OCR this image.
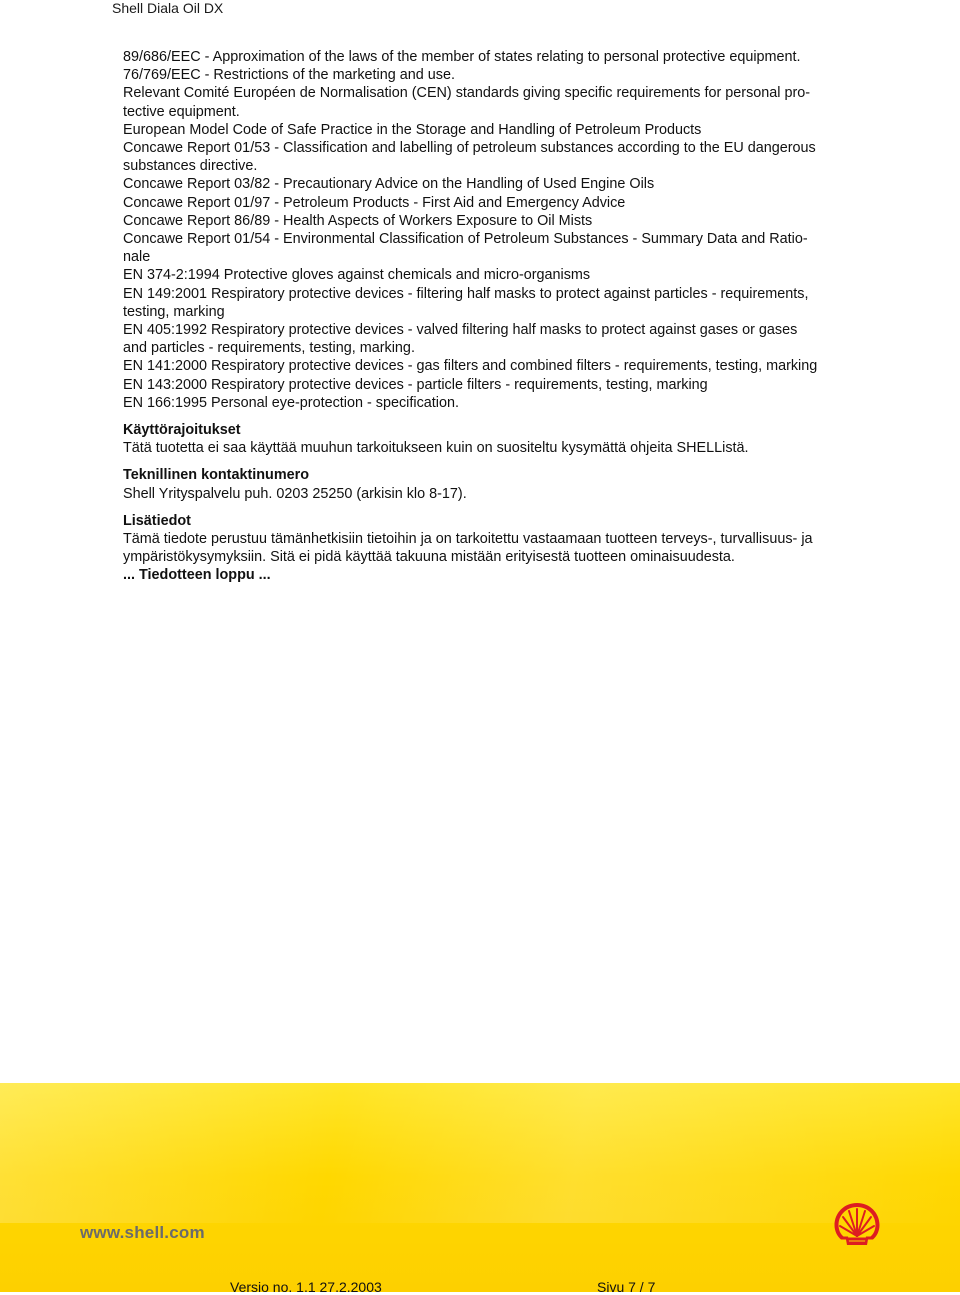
Shell Diala Oil DX

89/686/EEC - Approximation of the laws of the member of states relating to personal protective equipment.

76/769/EEC - Restrictions of the marketing and use.

Relevant Comité Européen de Normalisation (CEN) standards giving specific requirements for personal pro-

tective equipment.

European Model Code of Safe Practice in the Storage and Handling of Petroleum Products

Concawe Report 01/53 - Classification and labelling of petroleum substances according to the EU dangerous

substances directive.

Concawe Report 03/82 - Precautionary Advice on the Handling of Used Engine Oils

Concawe Report 01/97 - Petroleum Products - First Aid and Emergency Advice

Concawe Report 86/89 - Health Aspects of Workers Exposure to Oil Mists

Concawe Report 01/54 - Environmental Classification of Petroleum Substances - Summary Data and Ratio-

nale

EN 374-2:1994 Protective gloves against chemicals and micro-organisms

EN 149:2001 Respiratory protective devices - filtering half masks to protect against particles - requirements,

testing, marking

EN 405:1992 Respiratory protective devices - valved filtering half masks to protect against gases or gases

and particles - requirements, testing, marking.

EN 141:2000 Respiratory protective devices - gas filters and combined filters - requirements, testing, marking

EN 143:2000 Respiratory protective devices - particle filters - requirements, testing, marking

EN 166:1995 Personal eye-protection - specification.

Käyttörajoitukset

Tätä tuotetta ei saa käyttää muuhun tarkoitukseen kuin on suositeltu kysymättä ohjeita SHELListä.

Teknillinen kontaktinumero

Shell Yrityspalvelu puh. 0203 25250 (arkisin klo 8-17).

Lisätiedot

Tämä tiedote perustuu tämänhetkisiin tietoihin ja on tarkoitettu vastaamaan tuotteen terveys-, turvallisuus- ja

ympäristökysymyksiin. Sitä ei pidä käyttää takuuna mistään erityisestä tuotteen ominaisuudesta.

... Tiedotteen loppu ...

www.shell.com
Versio no. 1.1 27.2.2003	Sivu 7 / 7
